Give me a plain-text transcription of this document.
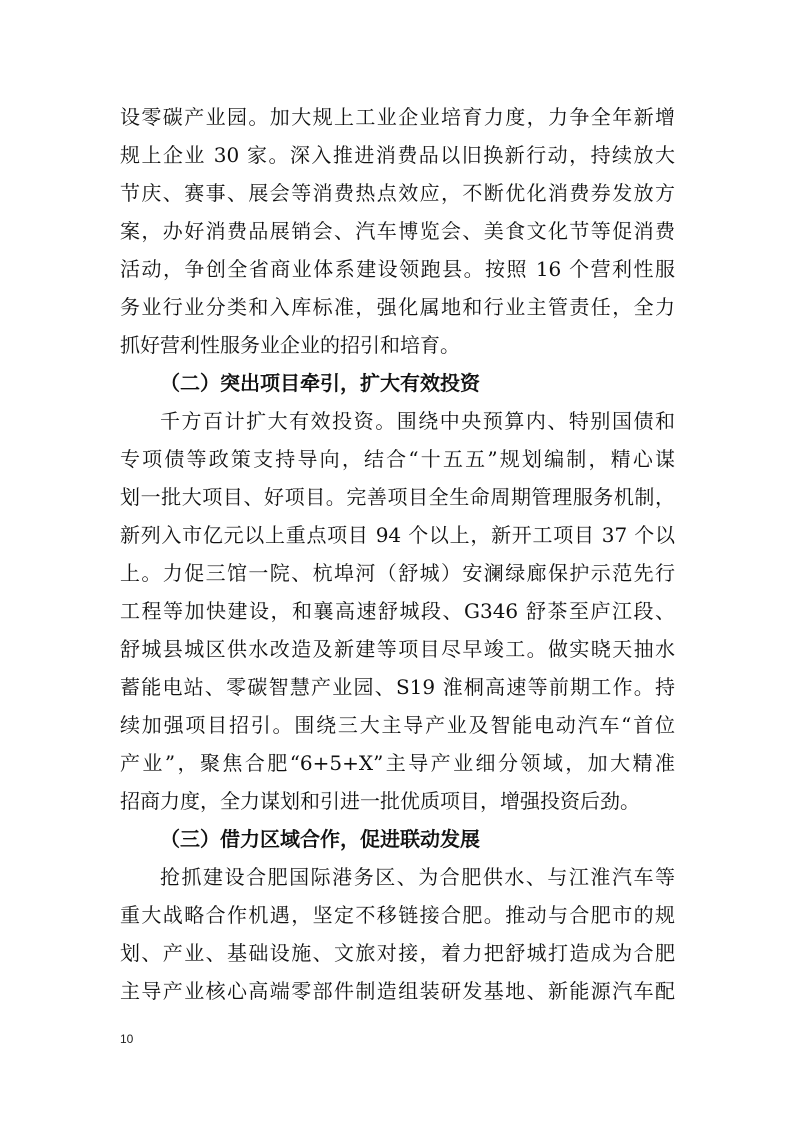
设零碳产业园。加大规上工业企业培育力度，力争全年新增
规上企业 30 家。深入推进消费品以旧换新行动，持续放大
节庆、赛事、展会等消费热点效应，不断优化消费券发放方
案，办好消费品展销会、汽车博览会、美食文化节等促消费
活动，争创全省商业体系建设领跑县。按照 16 个营利性服
务业行业分类和入库标准，强化属地和行业主管责任，全力
抓好营利性服务业企业的招引和培育。
（二）突出项目牵引，扩大有效投资
千方百计扩大有效投资。围绕中央预算内、特别国债和
专项债等政策支持导向，结合“十五五”规划编制，精心谋
划一批大项目、好项目。完善项目全生命周期管理服务机制，
新列入市亿元以上重点项目 94 个以上，新开工项目 37 个以
上。力促三馆一院、杭埠河（舒城）安澜绿廊保护示范先行
工程等加快建设，和襄高速舒城段、G346 舒茶至庐江段、
舒城县城区供水改造及新建等项目尽早竣工。做实晓天抽水
蓄能电站、零碳智慧产业园、S19 淮桐高速等前期工作。持
续加强项目招引。围绕三大主导产业及智能电动汽车“首位
产业”，聚焦合肥“6+5+X”主导产业细分领域，加大精准
招商力度，全力谋划和引进一批优质项目，增强投资后劲。
（三）借力区域合作，促进联动发展
抢抓建设合肥国际港务区、为合肥供水、与江淮汽车等
重大战略合作机遇，坚定不移链接合肥。推动与合肥市的规
划、产业、基础设施、文旅对接，着力把舒城打造成为合肥
主导产业核心高端零部件制造组装研发基地、新能源汽车配
10
